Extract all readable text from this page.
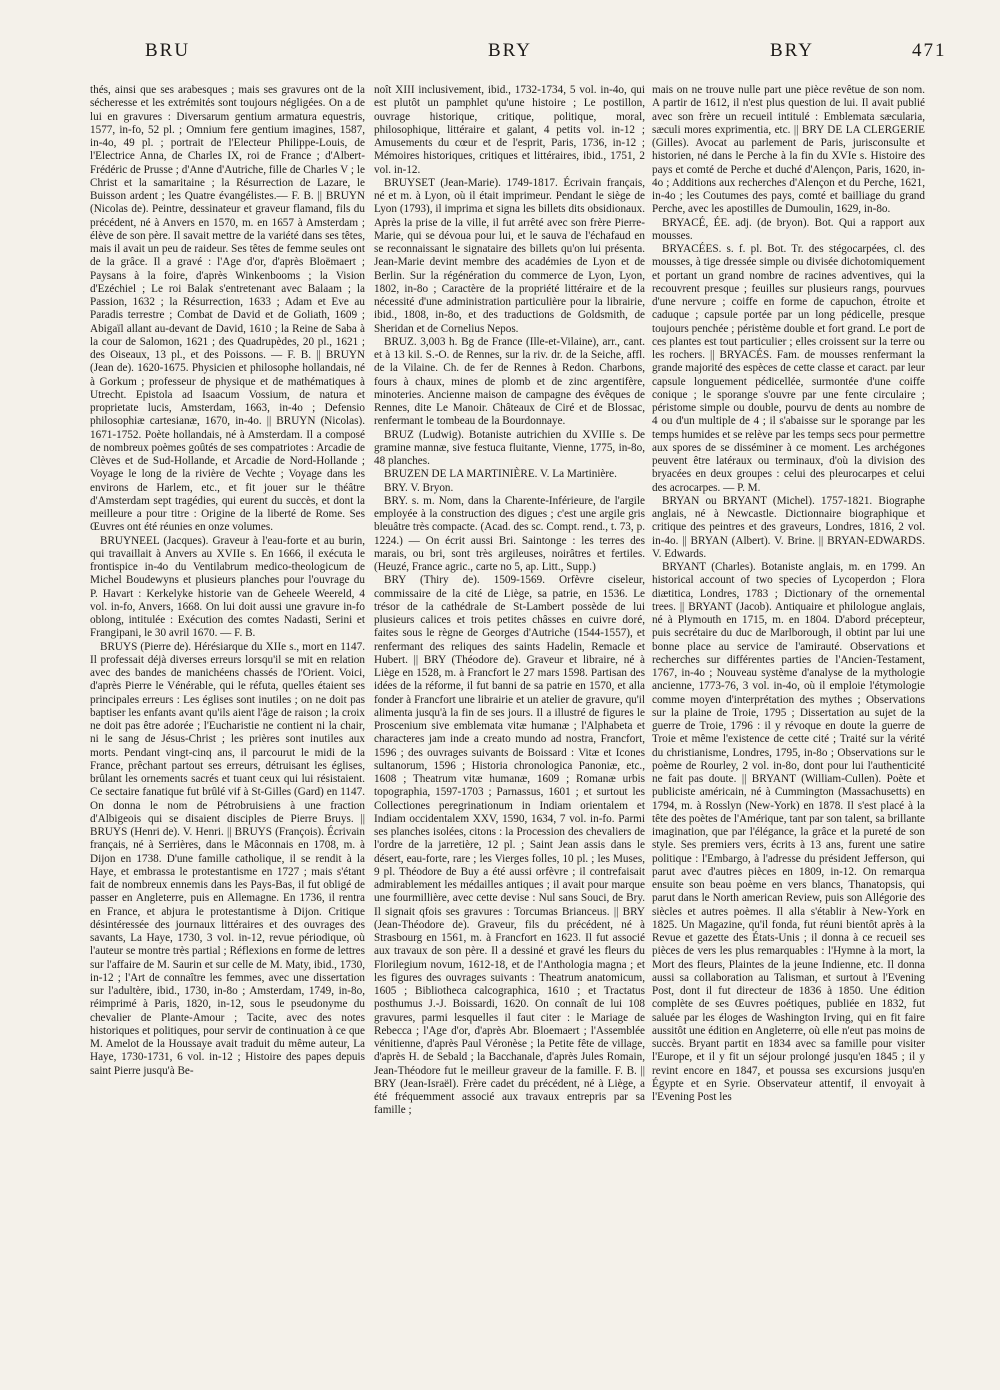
BRU	BRY	BRY	471

thés, ainsi que ses arabesques ; mais ses gravures ont de la sécheresse et les extrémités sont toujours négligées. On a de lui en gravures : Diversarum gentium armatura equestris, 1577, in-fo, 52 pl. ; Omnium fere gentium imagines, 1587, in-4o, 49 pl. ; portrait de l'Electeur Philippe-Louis, de l'Electrice Anna, de Charles IX, roi de France ; d'Albert-Frédéric de Prusse ; d'Anne d'Autriche, fille de Charles V ; le Christ et la samaritaine ; la Résurrection de Lazare, le Buisson ardent ; les Quatre évangélistes.— F. B. || BRUYN (Nicolas de). Peintre, dessinateur et graveur flamand, fils du précédent, né à Anvers en 1570, m. en 1657 à Amsterdam ; élève de son père. Il savait mettre de la variété dans ses têtes, mais il avait un peu de raideur. Ses têtes de femme seules ont de la grâce. Il a gravé : l'Age d'or, d'après Bloëmaert ; Paysans à la foire, d'après Winkenbooms ; la Vision d'Ezéchiel ; Le roi Balak s'entretenant avec Balaam ; la Passion, 1632 ; la Résurrection, 1633 ; Adam et Eve au Paradis terrestre ; Combat de David et de Goliath, 1609 ; Abigaïl allant au-devant de David, 1610 ; la Reine de Saba à la cour de Salomon, 1621 ; des Quadrupèdes, 20 pl., 1621 ; des Oiseaux, 13 pl., et des Poissons. — F. B. || BRUYN (Jean de). 1620-1675. Physicien et philosophe hollandais, né à Gorkum ; professeur de physique et de mathématiques à Utrecht. Epistola ad Isaacum Vossium, de natura et proprietate lucis, Amsterdam, 1663, in-4o ; Defensio philosophiæ cartesianæ, 1670, in-4o. || BRUYN (Nicolas). 1671-1752. Poète hollandais, né à Amsterdam. Il a composé de nombreux poèmes goûtés de ses compatriotes : Arcadie de Clèves et de Sud-Hollande, et Arcadie de Nord-Hollande ; Voyage le long de la rivière de Vechte ; Voyage dans les environs de Harlem, etc., et fit jouer sur le théâtre d'Amsterdam sept tragédies, qui eurent du succès, et dont la meilleure a pour titre : Origine de la liberté de Rome. Ses Œuvres ont été réunies en onze volumes.

BRUYNEEL (Jacques). Graveur à l'eau-forte et au burin, qui travaillait à Anvers au XVIIe s. En 1666, il exécuta le frontispice in-4o du Ventilabrum medico-theologicum de Michel Boudewyns et plusieurs planches pour l'ouvrage du P. Havart : Kerkelyke historie van de Geheele Weereld, 4 vol. in-fo, Anvers, 1668. On lui doit aussi une gravure in-fo oblong, intitulée : Exécution des comtes Nadasti, Serini et Frangipani, le 30 avril 1670. — F. B.

BRUYS (Pierre de). Hérésiarque du XIIe s., mort en 1147. Il professait déjà diverses erreurs lorsqu'il se mit en relation avec des bandes de manichéens chassés de l'Orient. Voici, d'après Pierre le Vénérable, qui le réfuta, quelles étaient ses principales erreurs : Les églises sont inutiles ; on ne doit pas baptiser les enfants avant qu'ils aient l'âge de raison ; la croix ne doit pas être adorée ; l'Eucharistie ne contient ni la chair, ni le sang de Jésus-Christ ; les prières sont inutiles aux morts. Pendant vingt-cinq ans, il parcourut le midi de la France, prêchant partout ses erreurs, détruisant les églises, brûlant les ornements sacrés et tuant ceux qui lui résistaient. Ce sectaire fanatique fut brûlé vif à St-Gilles (Gard) en 1147. On donna le nom de Pétrobruisiens à une fraction d'Albigeois qui se disaient disciples de Pierre Bruys. || BRUYS (Henri de). V. Henri. || BRUYS (François). Écrivain français, né à Serrières, dans le Mâconnais en 1708, m. à Dijon en 1738. D'une famille catholique, il se rendit à la Haye, et embrassa le protestantisme en 1727 ; mais s'étant fait de nombreux ennemis dans les Pays-Bas, il fut obligé de passer en Angleterre, puis en Allemagne. En 1736, il rentra en France, et abjura le protestantisme à Dijon. Critique désintéressée des journaux littéraires et des ouvrages des savants, La Haye, 1730, 3 vol. in-12, revue périodique, où l'auteur se montre très partial ; Réflexions en forme de lettres sur l'affaire de M. Saurin et sur celle de M. Maty, ibid., 1730, in-12 ; l'Art de connaître les femmes, avec une dissertation sur l'adultère, ibid., 1730, in-8o ; Amsterdam, 1749, in-8o, réimprimé à Paris, 1820, in-12, sous le pseudonyme du chevalier de Plante-Amour ; Tacite, avec des notes historiques et politiques, pour servir de continuation à ce que M. Amelot de la Houssaye avait traduit du même auteur, La Haye, 1730-1731, 6 vol. in-12 ; Histoire des papes depuis saint Pierre jusqu'à Be-

noît XIII inclusivement, ibid., 1732-1734, 5 vol. in-4o, qui est plutôt un pamphlet qu'une histoire ; Le postillon, ouvrage historique, critique, politique, moral, philosophique, littéraire et galant, 4 petits vol. in-12 ; Amusements du cœur et de l'esprit, Paris, 1736, in-12 ; Mémoires historiques, critiques et littéraires, ibid., 1751, 2 vol. in-12.

BRUYSET (Jean-Marie). 1749-1817. Écrivain français, né et m. à Lyon, où il était imprimeur. Pendant le siège de Lyon (1793), il imprima et signa les billets dits obsidionaux. Après la prise de la ville, il fut arrêté avec son frère Pierre-Marie, qui se dévoua pour lui, et le sauva de l'échafaud en se reconnaissant le signataire des billets qu'on lui présenta. Jean-Marie devint membre des académies de Lyon et de Berlin. Sur la régénération du commerce de Lyon, Lyon, 1802, in-8o ; Caractère de la propriété littéraire et de la nécessité d'une administration particulière pour la librairie, ibid., 1808, in-8o, et des traductions de Goldsmith, de Sheridan et de Cornelius Nepos.

BRUZ. 3,003 h. Bg de France (Ille-et-Vilaine), arr., cant. et à 13 kil. S.-O. de Rennes, sur la riv. dr. de la Seiche, affl. de la Vilaine. Ch. de fer de Rennes à Redon. Charbons, fours à chaux, mines de plomb et de zinc argentifère, minoteries. Ancienne maison de campagne des évêques de Rennes, dite Le Manoir. Châteaux de Ciré et de Blossac, renfermant le tombeau de la Bourdonnaye.

BRUZ (Ludwig). Botaniste autrichien du XVIIIe s. De gramine mannæ, sive festuca fluitante, Vienne, 1775, in-8o, 48 planches.

BRUZEN DE LA MARTINIÈRE. V. La Martinière.

BRY. V. Bryon.

BRY. s. m. Nom, dans la Charente-Inférieure, de l'argile employée à la construction des digues ; c'est une argile gris bleuâtre très compacte. (Acad. des sc. Compt. rend., t. 73, p. 1224.) — On écrit aussi Bri. Saintonge : les terres des marais, ou bri, sont très argileuses, noirâtres et fertiles. (Heuzé, France agric., carte no 5, ap. Litt., Supp.)

BRY (Thiry de). 1509-1569. Orfèvre ciseleur, commissaire de la cité de Liège, sa patrie, en 1536. Le trésor de la cathédrale de St-Lambert possède de lui plusieurs calices et trois petites châsses en cuivre doré, faites sous le règne de Georges d'Autriche (1544-1557), et renfermant des reliques des saints Hadelin, Remacle et Hubert. || BRY (Théodore de). Graveur et libraire, né à Liège en 1528, m. à Francfort le 27 mars 1598. Partisan des idées de la réforme, il fut banni de sa patrie en 1570, et alla fonder à Francfort une librairie et un atelier de gravure, qu'il alimenta jusqu'à la fin de ses jours. Il a illustré de figures le Proscenium sive emblemata vitæ humanæ ; l'Alphabeta et characteres jam inde a creato mundo ad nostra, Francfort, 1596 ; des ouvrages suivants de Boissard : Vitæ et Icones sultanorum, 1596 ; Historia chronologica Panoniæ, etc., 1608 ; Theatrum vitæ humanæ, 1609 ; Romanæ urbis topographia, 1597-1703 ; Parnassus, 1601 ; et surtout les Collectiones peregrinationum in Indiam orientalem et Indiam occidentalem XXV, 1590, 1634, 7 vol. in-fo. Parmi ses planches isolées, citons : la Procession des chevaliers de l'ordre de la jarretière, 12 pl. ; Saint Jean assis dans le désert, eau-forte, rare ; les Vierges folles, 10 pl. ; les Muses, 9 pl. Théodore de Buy a été aussi orfèvre ; il contrefaisait admirablement les médailles antiques ; il avait pour marque une fourmillière, avec cette devise : Nul sans Souci, de Bry. Il signait qfois ses gravures : Torcumas Brianceus. || BRY (Jean-Théodore de). Graveur, fils du précédent, né à Strasbourg en 1561, m. à Francfort en 1623. Il fut associé aux travaux de son père. Il a dessiné et gravé les fleurs du Florilegium novum, 1612-18, et de l'Anthologia magna ; et les figures des ouvrages suivants : Theatrum anatomicum, 1605 ; Bibliotheca calcographica, 1610 ; et Tractatus posthumus J.-J. Boissardi, 1620. On connaît de lui 108 gravures, parmi lesquelles il faut citer : le Mariage de Rebecca ; l'Age d'or, d'après Abr. Bloemaert ; l'Assemblée vénitienne, d'après Paul Véronèse ; la Petite fête de village, d'après H. de Sebald ; la Bacchanale, d'après Jules Romain, Jean-Théodore fut le meilleur graveur de la famille. F. B. || BRY (Jean-Israël). Frère cadet du précédent, né à Liège, a été fréquemment associé aux travaux entrepris par sa famille ;

mais on ne trouve nulle part une pièce revêtue de son nom. A partir de 1612, il n'est plus question de lui. Il avait publié avec son frère un recueil intitulé : Emblemata sæcularia, sæculi mores exprimentia, etc. || BRY DE LA CLERGERIE (Gilles). Avocat au parlement de Paris, jurisconsulte et historien, né dans le Perche à la fin du XVIe s. Histoire des pays et comté de Perche et duché d'Alençon, Paris, 1620, in-4o ; Additions aux recherches d'Alençon et du Perche, 1621, in-4o ; les Coutumes des pays, comté et bailliage du grand Perche, avec les apostilles de Dumoulin, 1629, in-8o.

BRYACÉ, ÉE. adj. (de bryon). Bot. Qui a rapport aux mousses.

BRYACÉES. s. f. pl. Bot. Tr. des stégocarpées, cl. des mousses, à tige dressée simple ou divisée dichotomiquement et portant un grand nombre de racines adventives, qui la recouvrent presque ; feuilles sur plusieurs rangs, pourvues d'une nervure ; coiffe en forme de capuchon, étroite et caduque ; capsule portée par un long pédicelle, presque toujours penchée ; péristème double et fort grand. Le port de ces plantes est tout particulier ; elles croissent sur la terre ou les rochers. || BRYACÉS. Fam. de mousses renfermant la grande majorité des espèces de cette classe et caract. par leur capsule longuement pédicellée, surmontée d'une coiffe conique ; le sporange s'ouvre par une fente circulaire ; péristome simple ou double, pourvu de dents au nombre de 4 ou d'un multiple de 4 ; il s'abaisse sur le sporange par les temps humides et se relève par les temps secs pour permettre aux spores de se disséminer à ce moment. Les archégones peuvent être latéraux ou terminaux, d'où la division des bryacées en deux groupes : celui des pleurocarpes et celui des acrocarpes. — P. M.

BRYAN ou BRYANT (Michel). 1757-1821. Biographe anglais, né à Newcastle. Dictionnaire biographique et critique des peintres et des graveurs, Londres, 1816, 2 vol. in-4o. || BRYAN (Albert). V. Brine. || BRYAN-EDWARDS. V. Edwards.

BRYANT (Charles). Botaniste anglais, m. en 1799. An historical account of two species of Lycoperdon ; Flora diætitica, Londres, 1783 ; Dictionary of the ornemental trees. || BRYANT (Jacob). Antiquaire et philologue anglais, né à Plymouth en 1715, m. en 1804. D'abord précepteur, puis secrétaire du duc de Marlborough, il obtint par lui une bonne place au service de l'amirauté. Observations et recherches sur différentes parties de l'Ancien-Testament, 1767, in-4o ; Nouveau système d'analyse de la mythologie ancienne, 1773-76, 3 vol. in-4o, où il emploie l'étymologie comme moyen d'interprétation des mythes ; Observations sur la plaine de Troie, 1795 ; Dissertation au sujet de la guerre de Troie, 1796 : il y révoque en doute la guerre de Troie et même l'existence de cette cité ; Traité sur la vérité du christianisme, Londres, 1795, in-8o ; Observations sur le poème de Rourley, 2 vol. in-8o, dont pour lui l'authenticité ne fait pas doute. || BRYANT (William-Cullen). Poète et publiciste américain, né à Cummington (Massachusetts) en 1794, m. à Rosslyn (New-York) en 1878. Il s'est placé à la tête des poètes de l'Amérique, tant par son talent, sa brillante imagination, que par l'élégance, la grâce et la pureté de son style. Ses premiers vers, écrits à 13 ans, furent une satire politique : l'Embargo, à l'adresse du président Jefferson, qui parut avec d'autres pièces en 1809, in-12. On remarqua ensuite son beau poème en vers blancs, Thanatopsis, qui parut dans le North american Review, puis son Allégorie des siècles et autres poèmes. Il alla s'établir à New-York en 1825. Un Magazine, qu'il fonda, fut réuni bientôt après à la Revue et gazette des États-Unis ; il donna à ce recueil ses pièces de vers les plus remarquables : l'Hymne à la mort, la Mort des fleurs, Plaintes de la jeune Indienne, etc. Il donna aussi sa collaboration au Talisman, et surtout à l'Evening Post, dont il fut directeur de 1836 à 1850. Une édition complète de ses Œuvres poétiques, publiée en 1832, fut saluée par les éloges de Washington Irving, qui en fit faire aussitôt une édition en Angleterre, où elle n'eut pas moins de succès. Bryant partit en 1834 avec sa famille pour visiter l'Europe, et il y fit un séjour prolongé jusqu'en 1845 ; il y revint encore en 1847, et poussa ses excursions jusqu'en Égypte et en Syrie. Observateur attentif, il envoyait à l'Evening Post les
